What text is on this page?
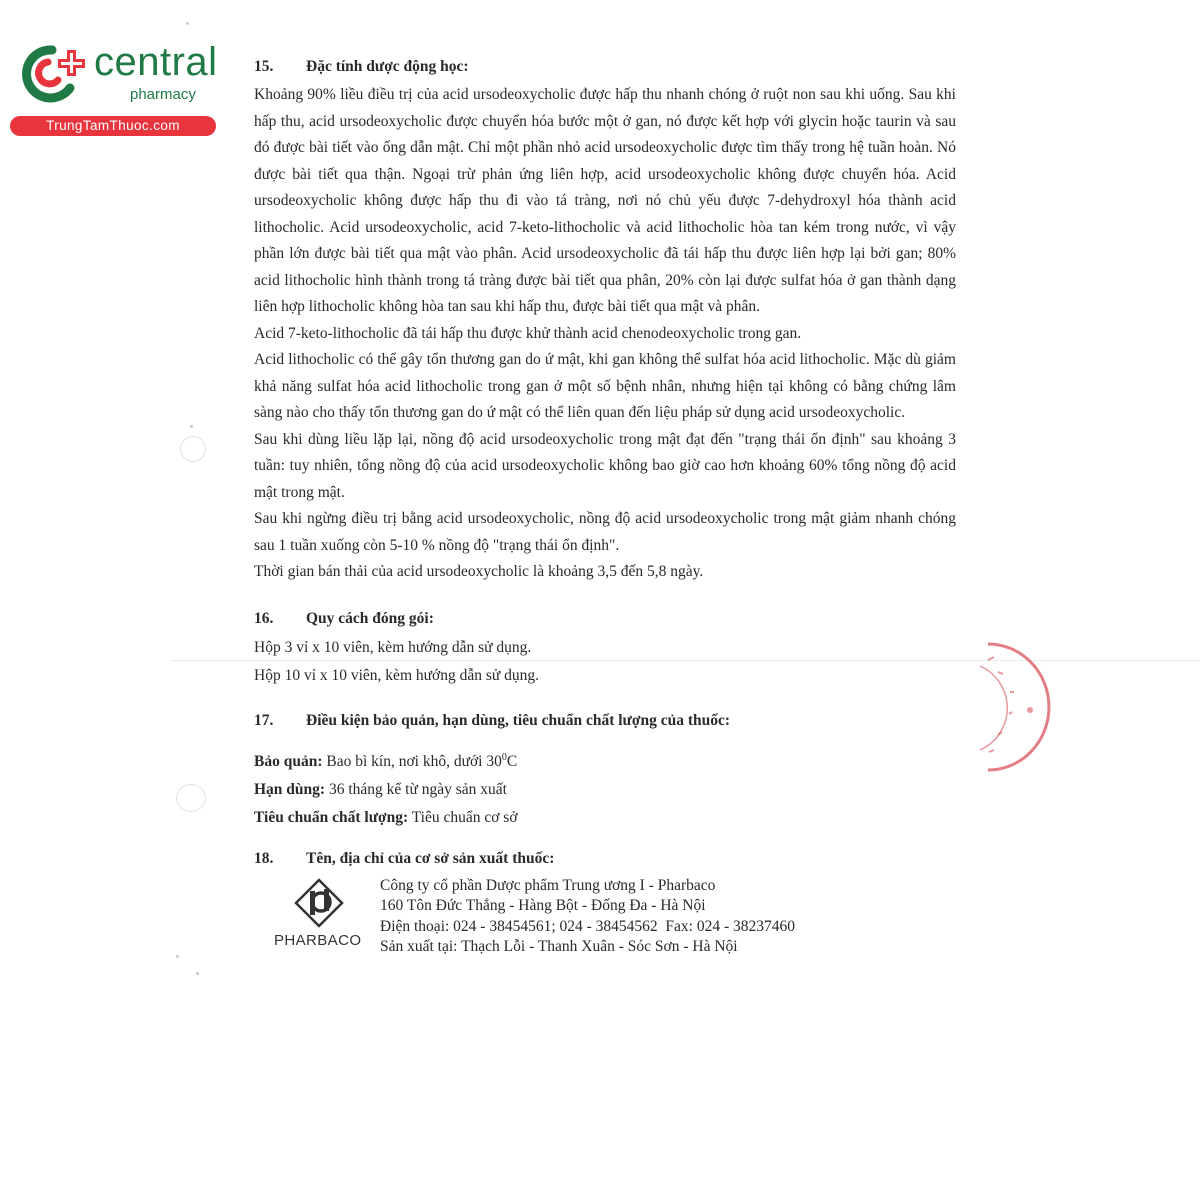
central
pharmacy
TrungTamThuoc.com
15. Đặc tính dược động học:
Khoảng 90% liều điều trị của acid ursodeoxycholic được hấp thu nhanh chóng ở ruột non sau khi uống. Sau khi hấp thu, acid ursodeoxycholic được chuyển hóa bước một ở gan, nó được kết hợp với glycin hoặc taurin và sau đó được bài tiết vào ống dẫn mật. Chỉ một phần nhỏ acid ursodeoxycholic được tìm thấy trong hệ tuần hoàn. Nó được bài tiết qua thận. Ngoại trừ phản ứng liên hợp, acid ursodeoxycholic không được chuyển hóa. Acid ursodeoxycholic không được hấp thu đi vào tá tràng, nơi nó chủ yếu được 7-dehydroxyl hóa thành acid lithocholic. Acid ursodeoxycholic, acid 7-keto-lithocholic và acid lithocholic hòa tan kém trong nước, vì vậy phần lớn được bài tiết qua mật vào phân. Acid ursodeoxycholic đã tái hấp thu được liên hợp lại bởi gan; 80% acid lithocholic hình thành trong tá tràng được bài tiết qua phân, 20% còn lại được sulfat hóa ở gan thành dạng liên hợp lithocholic không hòa tan sau khi hấp thu, được bài tiết qua mật và phân.
Acid 7-keto-lithocholic đã tái hấp thu được khử thành acid chenodeoxycholic trong gan.
Acid lithocholic có thể gây tổn thương gan do ứ mật, khi gan không thể sulfat hóa acid lithocholic. Mặc dù giảm khả năng sulfat hóa acid lithocholic trong gan ở một số bệnh nhân, nhưng hiện tại không có bằng chứng lâm sàng nào cho thấy tổn thương gan do ứ mật có thể liên quan đến liệu pháp sử dụng acid ursodeoxycholic.
Sau khi dùng liều lặp lại, nồng độ acid ursodeoxycholic trong mật đạt đến "trạng thái ổn định" sau khoảng 3 tuần: tuy nhiên, tổng nồng độ của acid ursodeoxycholic không bao giờ cao hơn khoảng 60% tổng nồng độ acid mật trong mật.
Sau khi ngừng điều trị bằng acid ursodeoxycholic, nồng độ acid ursodeoxycholic trong mật giảm nhanh chóng sau 1 tuần xuống còn 5-10 % nồng độ "trạng thái ổn định".
Thời gian bán thải của acid ursodeoxycholic là khoảng 3,5 đến 5,8 ngày.
16. Quy cách đóng gói:
Hộp 3 vỉ x 10 viên, kèm hướng dẫn sử dụng.
Hộp 10 vỉ x 10 viên, kèm hướng dẫn sử dụng.
17. Điều kiện bảo quản, hạn dùng, tiêu chuẩn chất lượng của thuốc:
Bảo quản: Bao bì kín, nơi khô, dưới $30^0C$
Hạn dùng: 36 tháng kể từ ngày sản xuất
Tiêu chuẩn chất lượng: Tiêu chuẩn cơ sở
18. Tên, địa chỉ của cơ sở sản xuất thuốc:
PHARBACO
Công ty cổ phần Dược phẩm Trung ương I - Pharbaco
160 Tôn Đức Thắng - Hàng Bột - Đống Đa - Hà Nội
Điện thoại: 024 - 38454561; 024 - 38454562  Fax: 024 - 38237460
Sản xuất tại: Thạch Lỗi - Thanh Xuân - Sóc Sơn - Hà Nội
